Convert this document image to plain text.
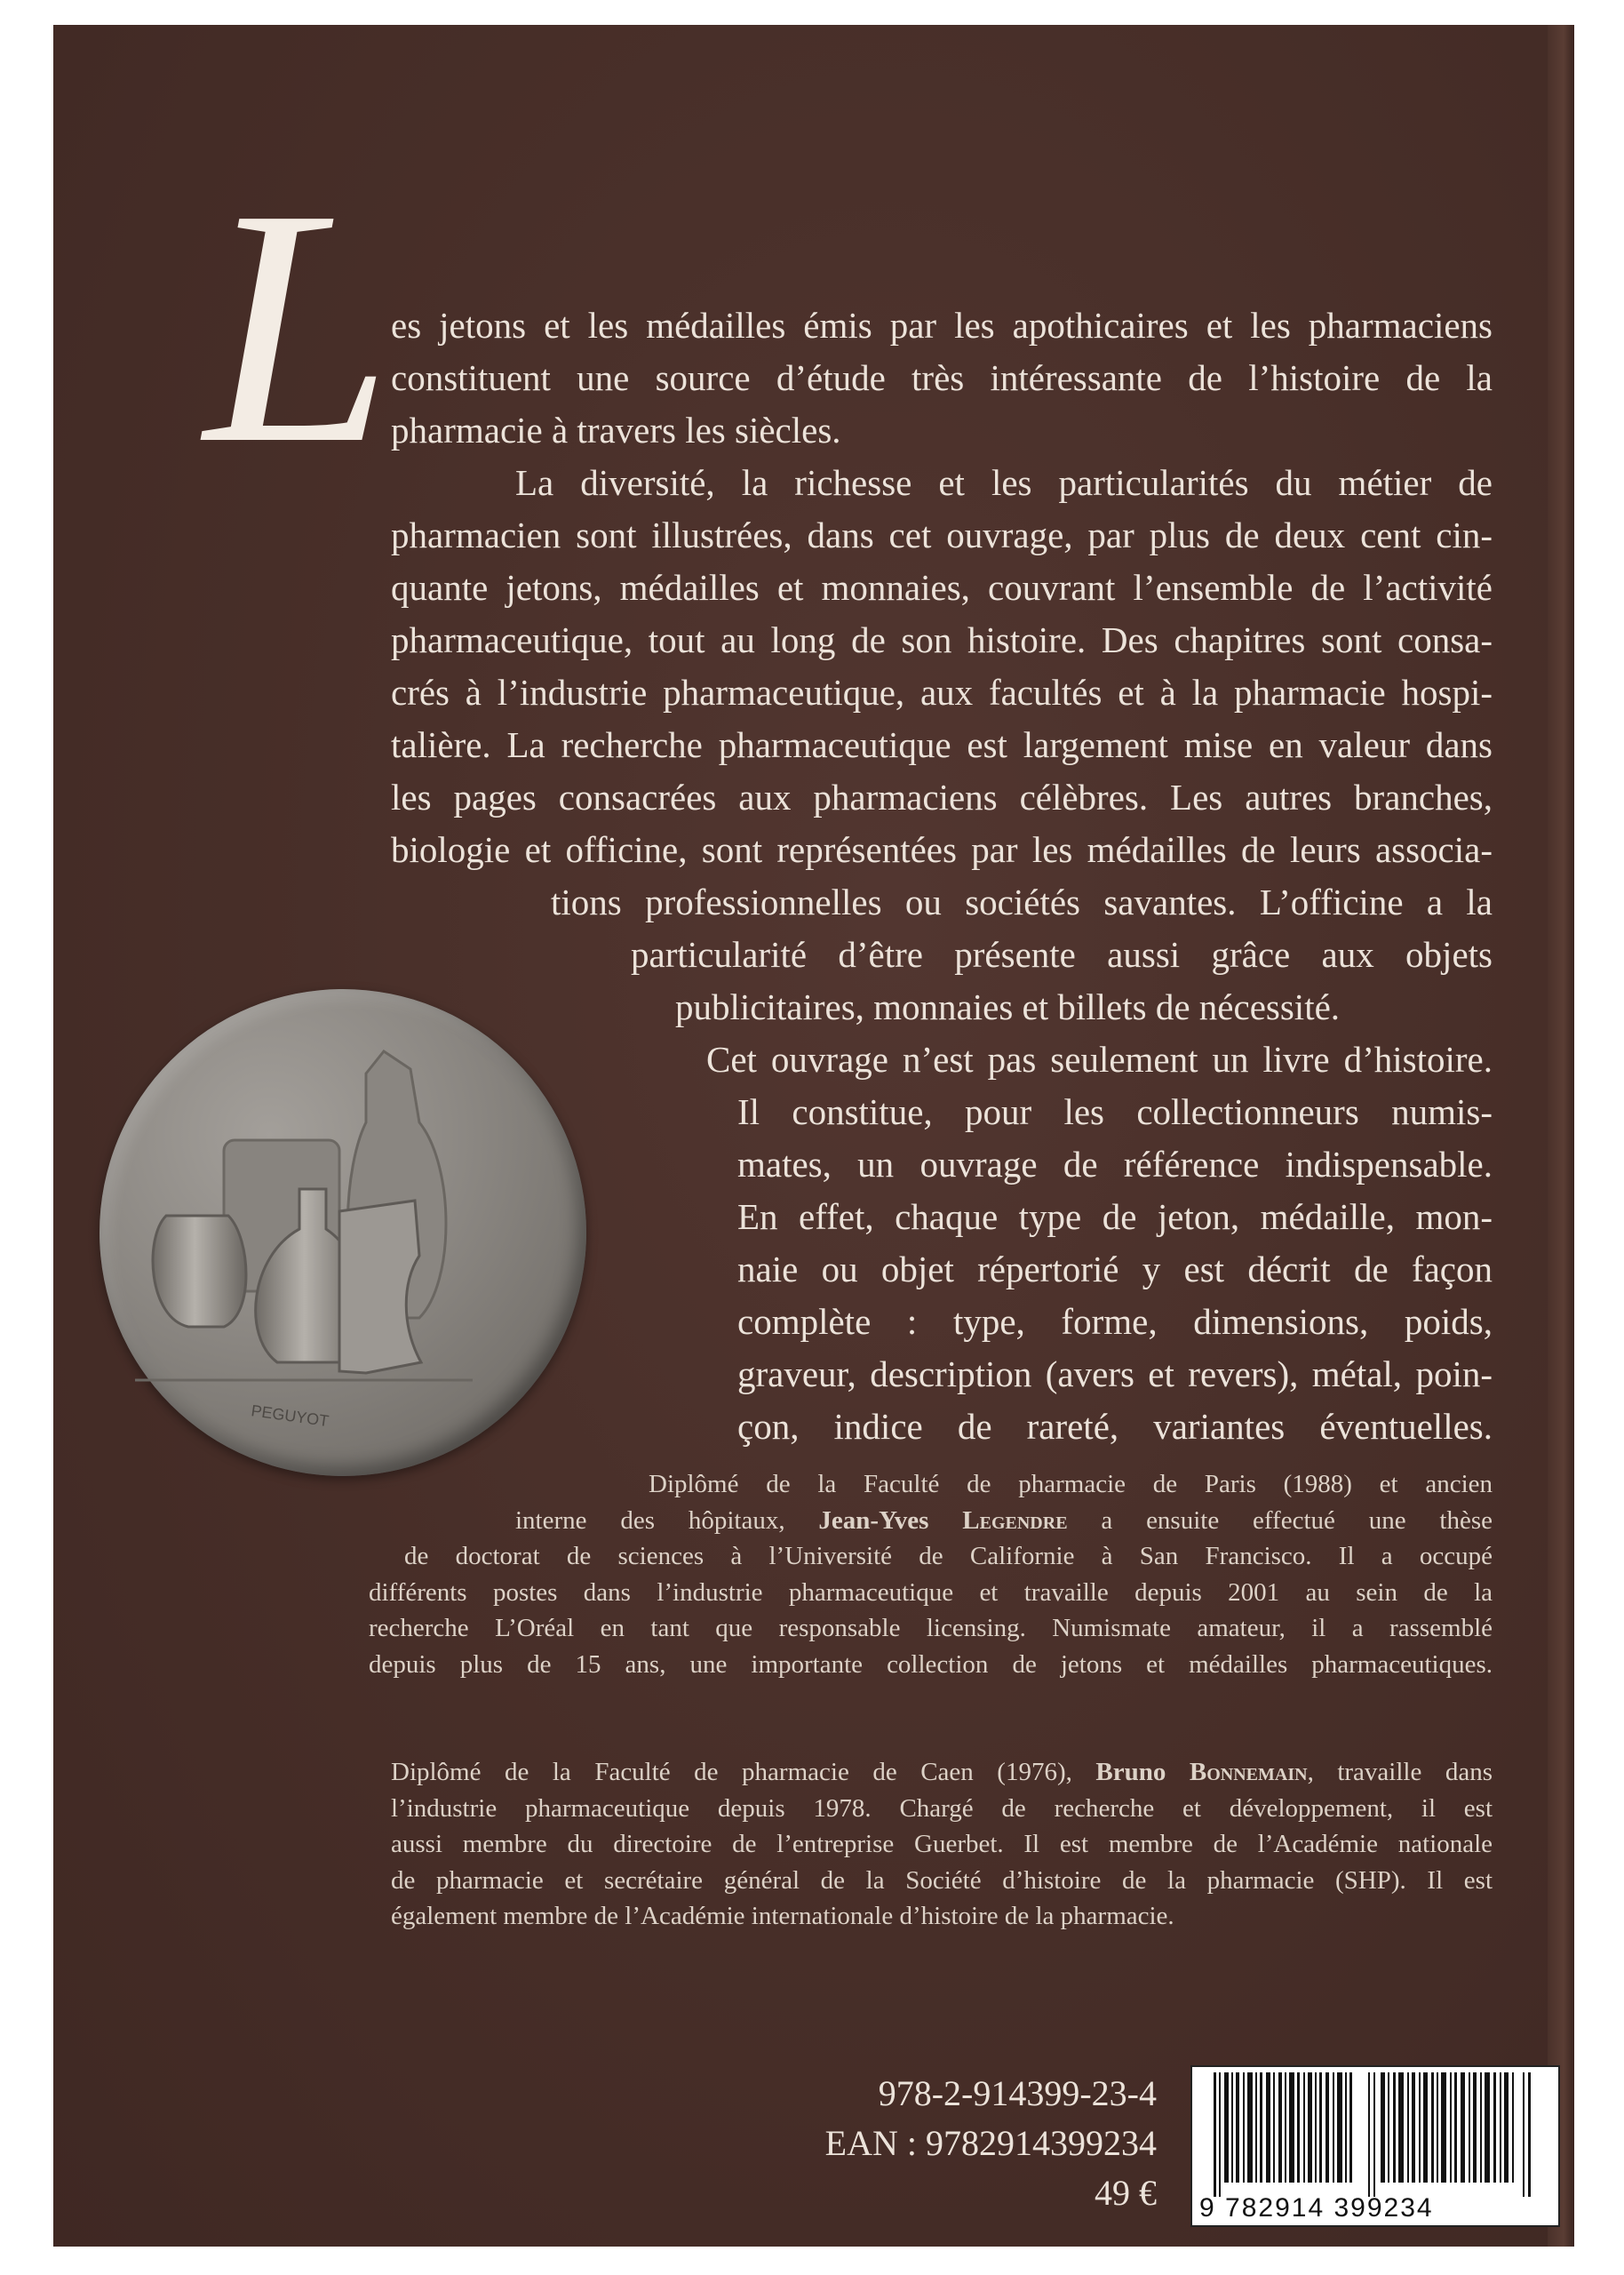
L
es jetons et les médailles émis par les apothicaires et les pharmaciens
constituent une source d’étude très intéressante de l’histoire de la
pharmacie à travers les siècles.
La diversité, la richesse et les particularités du métier de
pharmacien sont illustrées, dans cet ouvrage, par plus de deux cent cin-
quante jetons, médailles et monnaies, couvrant l’ensemble de l’activité
pharmaceutique, tout au long de son histoire. Des chapitres sont consa-
crés à l’industrie pharmaceutique, aux facultés et à la pharmacie hospi-
talière. La recherche pharmaceutique est largement mise en valeur dans
les pages consacrées aux pharmaciens célèbres. Les autres branches,
biologie et officine, sont représentées par les médailles de leurs associa-
tions professionnelles ou sociétés savantes. L’officine a la
particularité d’être présente aussi grâce aux objets
publicitaires, monnaies et billets de nécessité.
Cet ouvrage n’est pas seulement un livre d’histoire.
Il constitue, pour les collectionneurs numis-
mates, un ouvrage de référence indispensable.
En effet, chaque type de jeton, médaille, mon-
naie ou objet répertorié y est décrit de façon
complète : type, forme, dimensions, poids,
graveur, description (avers et revers), métal, poin-
çon, indice de rareté, variantes éventuelles.
PEGUYOT
Diplômé de la Faculté de pharmacie de Paris (1988) et ancien
interne des hôpitaux, Jean-Yves Legendre a ensuite effectué une thèse
de doctorat de sciences à l’Université de Californie à San Francisco. Il a occupé
différents postes dans l’industrie pharmaceutique et travaille depuis 2001 au sein de la
recherche L’Oréal en tant que responsable licensing. Numismate amateur, il a rassemblé
depuis plus de 15 ans, une importante collection de jetons et médailles pharmaceutiques.
Diplômé de la Faculté de pharmacie de Caen (1976), Bruno Bonnemain, travaille dans
l’industrie pharmaceutique depuis 1978. Chargé de recherche et développement, il est
aussi membre du directoire de l’entreprise Guerbet. Il est membre de l’Académie nationale
de pharmacie et secrétaire général de la Société d’histoire de la pharmacie (SHP). Il est
également membre de l’Académie internationale d’histoire de la pharmacie.
978-2-914399-23-4
EAN : 9782914399234
49 € 9 782914 399234
